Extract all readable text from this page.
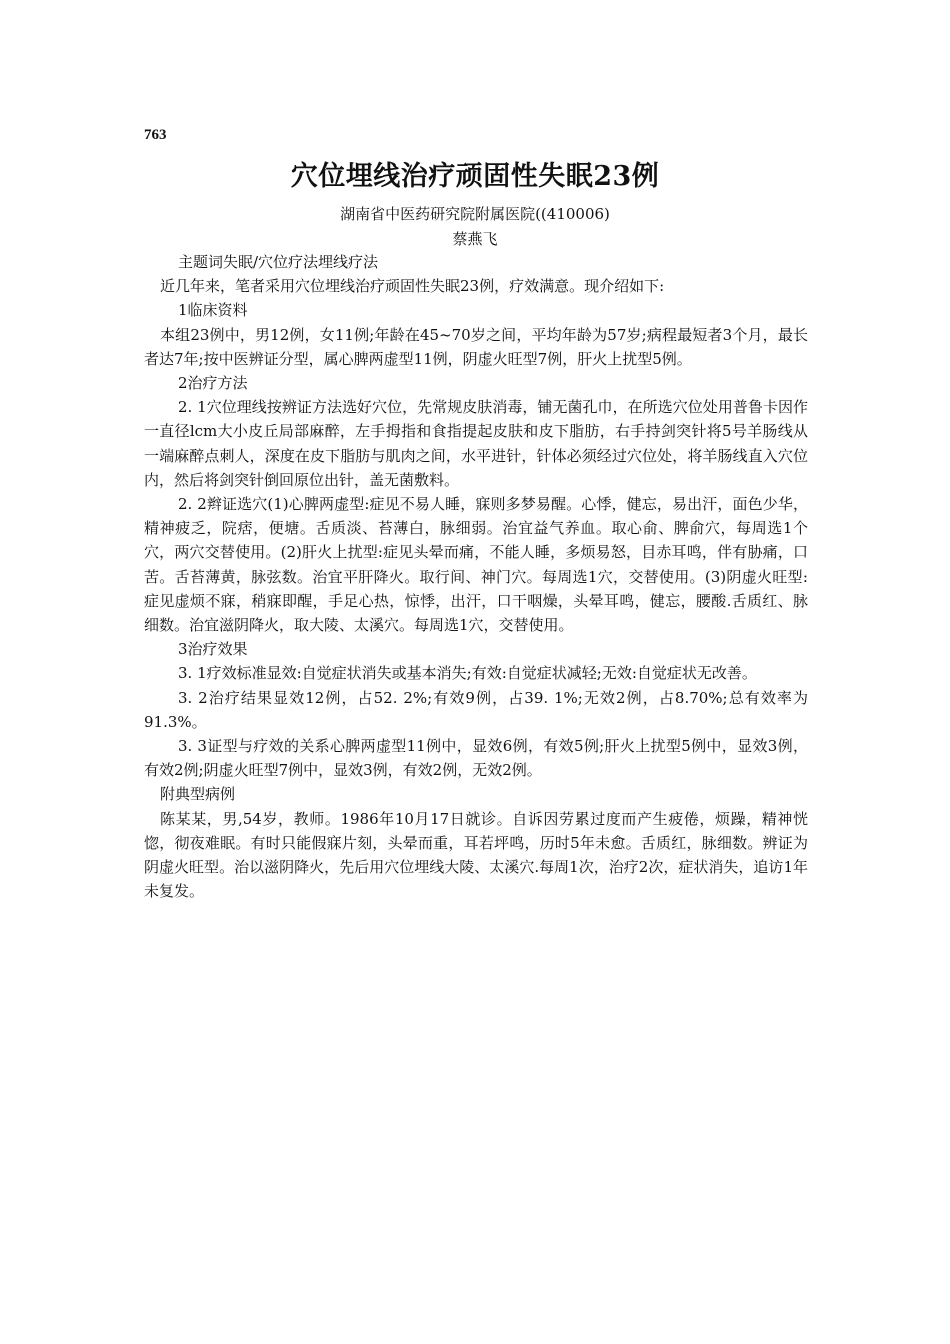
763
穴位埋线治疗顽固性失眠23例
湖南省中医药研究院附属医院((410006)
蔡燕飞

主题词失眠/穴位疗法埋线疗法

近几年来，笔者采用穴位埋线治疗顽固性失眠23例，疗效满意。现介绍如下:

1临床资料

本组23例中，男12例，女11例;年龄在45~70岁之间，平均年龄为57岁;病程最短者3个月，最长者达7年;按中医辨证分型，属心脾两虚型11例，阴虚火旺型7例，肝火上扰型5例。

2治疗方法

2. 1穴位理线按辨证方法选好穴位，先常规皮肤消毒，铺无菌孔巾，在所选穴位处用普鲁卡因作一直径lcm大小皮丘局部麻醉，左手拇指和食指提起皮肤和皮下脂肪，右手持剑突针将5号羊肠线从一端麻醉点刺人，深度在皮下脂肪与肌肉之间，水平进针，针体必须经过穴位处，将羊肠线直入穴位内，然后将剑突针倒回原位出针，盖无菌敷料。

2. 2辫证选穴(1)心脾两虚型:症见不易人睡，寐则多梦易醒。心悸，健忘，易出汗，面色少华，精神疲乏，院痞，便塘。舌质淡、苔薄白，脉细弱。治宜益气养血。取心俞、脾俞穴，每周选1个穴，两穴交替使用。(2)肝火上扰型:症见头晕而痛，不能人睡，多烦易怒，目赤耳鸣，伴有胁痛，口苦。舌苔薄黄，脉弦数。治宜平肝降火。取行间、神门穴。每周选1穴，交替使用。(3)阴虚火旺型:症见虚烦不寐，稍寐即醒，手足心热，惊悸，出汗，口干咽燥，头晕耳鸣，健忘，腰酸.舌质红、脉细数。治宜滋阴降火，取大陵、太溪穴。每周选1穴，交替使用。

3治疗效果

3. 1疗效标准显效:自觉症状消失或基本消失;有效:自觉症状减轻;无效:自觉症状无改善。

3. 2治疗结果显效12例，占52. 2%;有效9例，占39. 1%;无效2例，占8.70%;总有效率为91.3%。

3. 3证型与疗效的关系心脾两虚型11例中，显效6例，有效5例;肝火上扰型5例中，显效3例，有效2例;阴虚火旺型7例中，显效3例，有效2例，无效2例。

附典型病例

陈某某，男,54岁，教师。1986年10月17日就诊。自诉因劳累过度而产生疲倦，烦躁，精神恍惚，彻夜难眠。有时只能假寐片刻，头晕而重，耳若坪鸣，历时5年未愈。舌质红，脉细数。辨证为阴虚火旺型。治以滋阴降火，先后用穴位埋线大陵、太溪穴.每周1次，治疗2次，症状消失，追访1年未复发。
